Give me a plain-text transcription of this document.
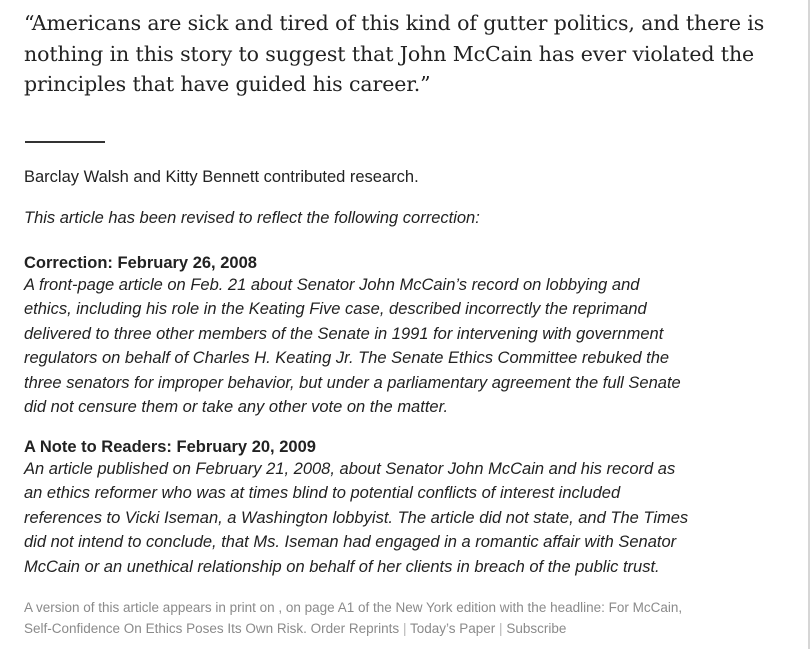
“Americans are sick and tired of this kind of gutter politics, and there is
nothing in this story to suggest that John McCain has ever violated the
principles that have guided his career.”
Barclay Walsh and Kitty Bennett contributed research.
This article has been revised to reflect the following correction:
Correction: February 26, 2008
A front-page article on Feb. 21 about Senator John McCain’s record on lobbying and
ethics, including his role in the Keating Five case, described incorrectly the reprimand
delivered to three other members of the Senate in 1991 for intervening with government
regulators on behalf of Charles H. Keating Jr. The Senate Ethics Committee rebuked the
three senators for improper behavior, but under a parliamentary agreement the full Senate
did not censure them or take any other vote on the matter.
A Note to Readers: February 20, 2009
An article published on February 21, 2008, about Senator John McCain and his record as
an ethics reformer who was at times blind to potential conflicts of interest included
references to Vicki Iseman, a Washington lobbyist. The article did not state, and The Times
did not intend to conclude, that Ms. Iseman had engaged in a romantic affair with Senator
McCain or an unethical relationship on behalf of her clients in breach of the public trust.
A version of this article appears in print on , on page A1 of the New York edition with the headline: For McCain,
Self-Confidence On Ethics Poses Its Own Risk. Order Reprints | Today’s Paper | Subscribe
